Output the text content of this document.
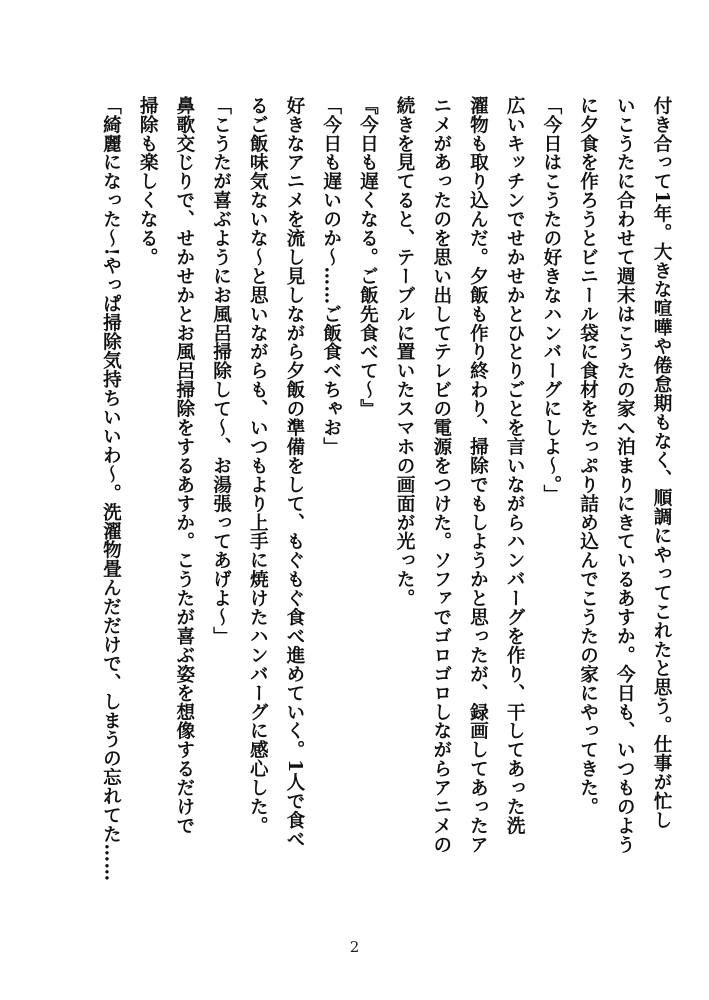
付き合って1年。大きな喧嘩や倦怠期もなく、順調にやってこれたと思う。仕事が忙し
いこうたに合わせて週末はこうたの家へ泊まりにきているあすか。今日も、いつものよう
に夕食を作ろうとビニール袋に食材をたっぷり詰め込んでこうたの家にやってきた。
「今日はこうたの好きなハンバーグにしよ〜。」
広いキッチンでせかせかとひとりごとを言いながらハンバーグを作り、干してあった洗
濯物も取り込んだ。夕飯も作り終わり、掃除でもしようかと思ったが、録画してあったア
ニメがあったのを思い出してテレビの電源をつけた。ソファでゴロゴロしながらアニメの
続きを見てると、テーブルに置いたスマホの画面が光った。
『今日も遅くなる。ご飯先食べて〜』
「今日も遅いのか〜……ご飯食べちゃお」
好きなアニメを流し見しながら夕飯の準備をして、もぐもぐ食べ進めていく。1人で食べ
るご飯味気ないな〜と思いながらも、いつもより上手に焼けたハンバーグに感心した。
「こうたが喜ぶようにお風呂掃除して〜、お湯張ってあげよ〜」
鼻歌交じりで、せかせかとお風呂掃除をするあすか。こうたが喜ぶ姿を想像するだけで
掃除も楽しくなる。
「綺麗になった〜!やっぱ掃除気持ちいいわ〜。洗濯物畳んだだけで、しまうの忘れてた……
2
